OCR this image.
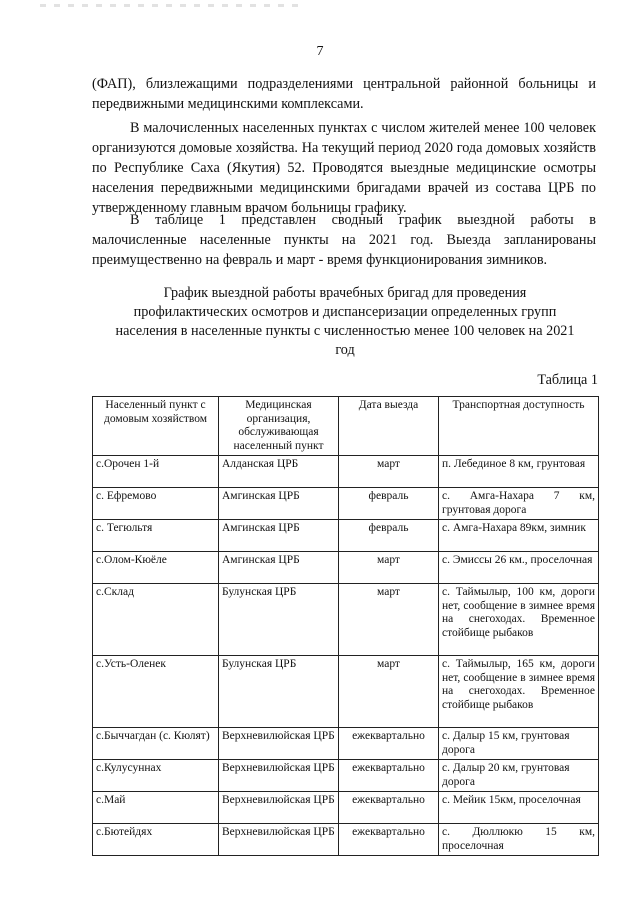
7
(ФАП), близлежащими подразделениями центральной районной больницы и передвижными медицинскими комплексами.
В малочисленных населенных пунктах с числом жителей менее 100 человек организуются домовые хозяйства. На текущий период 2020 года домовых хозяйств по Республике Саха (Якутия) 52. Проводятся выездные медицинские осмотры населения передвижными медицинскими бригадами врачей из состава ЦРБ по утвержденному главным врачом больницы графику.
В таблице 1 представлен сводный график выездной работы в малочисленные населенные пункты на 2021 год. Выезда запланированы преимущественно на февраль и март - время функционирования зимников.
График выездной работы врачебных бригад для проведения профилактических осмотров и диспансеризации определенных групп населения в населенные пункты с численностью менее 100 человек на 2021 год
Таблица 1
Населенный пункт с домовым хозяйством	Медицинская организация, обслуживающая населенный пункт	Дата выезда	Транспортная доступность
с.Орочен 1-й	Алданская ЦРБ	март	п. Лебединое 8 км, грунтовая
с. Ефремово	Амгинская ЦРБ	февраль	с. Амга-Нахара 7 км, грунтовая дорога
с. Тегюльтя	Амгинская ЦРБ	февраль	с. Амга-Нахара 89км, зимник
с.Олом-Кюёле	Амгинская ЦРБ	март	с. Эмиссы 26 км., проселочная
с.Склад	Булунская ЦРБ	март	с. Таймылыр, 100 км, дороги нет, сообщение в зимнее время на снегоходах. Временное стойбище рыбаков
с.Усть-Оленек	Булунская ЦРБ	март	с. Таймылыр, 165 км, дороги нет, сообщение в зимнее время на снегоходах. Временное стойбище рыбаков
с.Быччагдан (с. Кюлят)	Верхневилюйская ЦРБ	ежеквартально	с. Далыр 15 км, грунтовая дорога
с.Кулусуннах	Верхневилюйская ЦРБ	ежеквартально	с. Далыр 20 км, грунтовая дорога
с.Май	Верхневилюйская ЦРБ	ежеквартально	с. Мейик 15км, проселочная
с.Бютейдях	Верхневилюйская ЦРБ	ежеквартально	с. Дюллюкю 15 км, проселочная
